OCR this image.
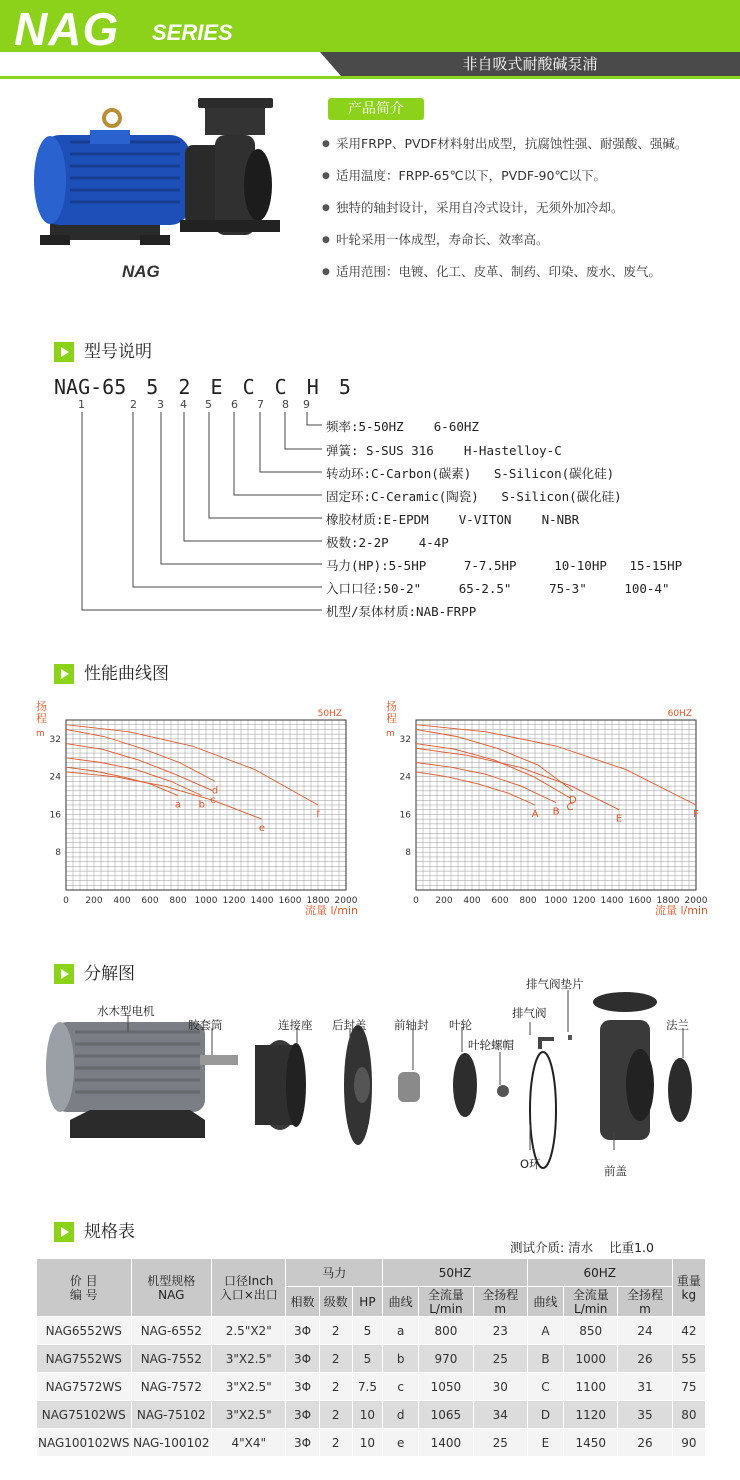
NAG SERIES
非自吸式耐酸碱泵浦
NAG
产品简介
● 采用FRPP、PVDF材料射出成型，抗腐蚀性强、耐强酸、强碱。
● 适用温度：FRPP-65℃以下，PVDF-90℃以下。
● 独特的轴封设计，采用自冷式设计，无须外加冷却。
● 叶轮采用一体成型，寿命长、效率高。
● 适用范围：电镀、化工、皮革、制药、印染、废水、废气。
型号说明
NAG-65 5 2 E C C H 5
1	2 3 4 5 6 7 8 9
频率:5-50HZ    6-60HZ
弹簧: S-SUS 316    H-Hastelloy-C
转动环:C-Carbon(碳素)   S-Silicon(碳化硅)
固定环:C-Ceramic(陶瓷)   S-Silicon(碳化硅)
橡胶材质:E-EPDM    V-VITON    N-NBR
极数:2-2P    4-4P
马力(HP):5-5HP     7-7.5HP     10-10HP   15-15HP
入口口径:50-2"     65-2.5"     75-3"     100-4"
机型/泵体材质:NAB-FRPP
性能曲线图
0 200 400 600 800 1000 1200 1400 1600 1800 2000
8
16
24
32
扬
程
m
流量 l/min
50HZ
a b c
d
e
f
0 200 400 600 800 1000 1200 1400 1600 1800 2000
8
16
24
32
扬
程
m
流量 l/min
60HZ
A B C
D
E	F
分解图
水木型电机
胶套筒	连接座 后封盖 前轴封 叶轮
叶轮螺帽
排气阀
排气阀垫片
法兰
O环	前盖
规格表
测试介质: 清水    比重1.0
价 目
编 号	机型规格
NAG	口径Inch
入口×出口	马力			50HZ			60HZ			重量
kg
			相数	级数	HP	曲线	全流量
L/min	全扬程
m	曲线	全流量
L/min	全扬程
m	
NAG6552WS	NAG-6552	2.5"X2"	3Φ	2	5	a	800	23	A	850	24	42
NAG7552WS	NAG-7552	3"X2.5"	3Φ	2	5	b	970	25	B	1000	26	55
NAG7572WS	NAG-7572	3"X2.5"	3Φ	2	7.5	c	1050	30	C	1100	31	75
NAG75102WS	NAG-75102	3"X2.5"	3Φ	2	10	d	1065	34	D	1120	35	80
NAG100102WS	NAG-100102	4"X4"	3Φ	2	10	e	1400	25	E	1450	26	90
